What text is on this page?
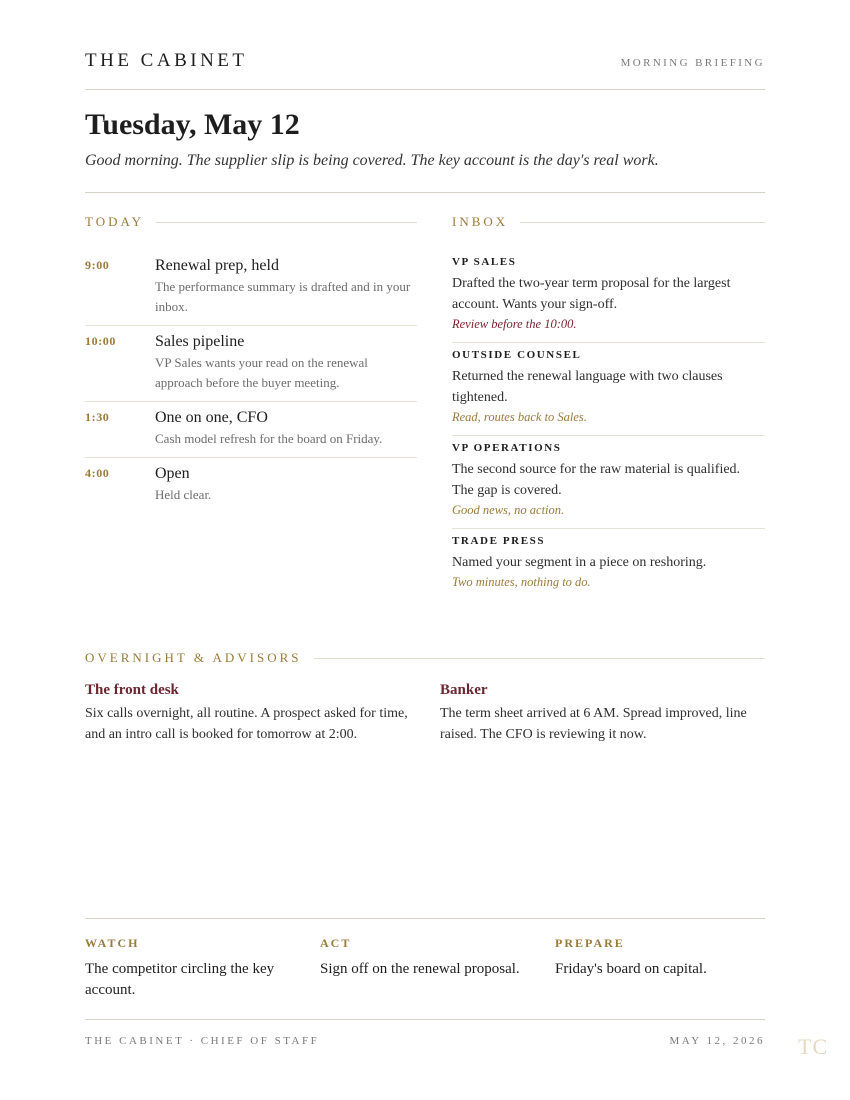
THE CABINET	MORNING BRIEFING
Tuesday, May 12
Good morning. The supplier slip is being covered. The key account is the day's real work.
TODAY
9:00	Renewal prep, held
The performance summary is drafted and in your inbox.
10:00 Sales pipeline
VP Sales wants your read on the renewal approach before the buyer meeting.
1:30	One on one, CFO
Cash model refresh for the board on Friday.
4:00	Open
Held clear.
INBOX
VP SALES
Drafted the two-year term proposal for the largest account. Wants your sign-off.
Review before the 10:00.
OUTSIDE COUNSEL
Returned the renewal language with two clauses tightened.
Read, routes back to Sales.
VP OPERATIONS
The second source for the raw material is qualified. The gap is covered.
Good news, no action.
TRADE PRESS
Named your segment in a piece on reshoring.
Two minutes, nothing to do.
OVERNIGHT & ADVISORS
The front desk
Six calls overnight, all routine. A prospect asked for time, and an intro call is booked for tomorrow at 2:00.
Banker
The term sheet arrived at 6 AM. Spread improved, line raised. The CFO is reviewing it now.
WATCH
The competitor circling the key account.
ACT
Sign off on the renewal proposal.
PREPARE
Friday's board on capital.
THE CABINET · CHIEF OF STAFF	MAY 12, 2026 TC
